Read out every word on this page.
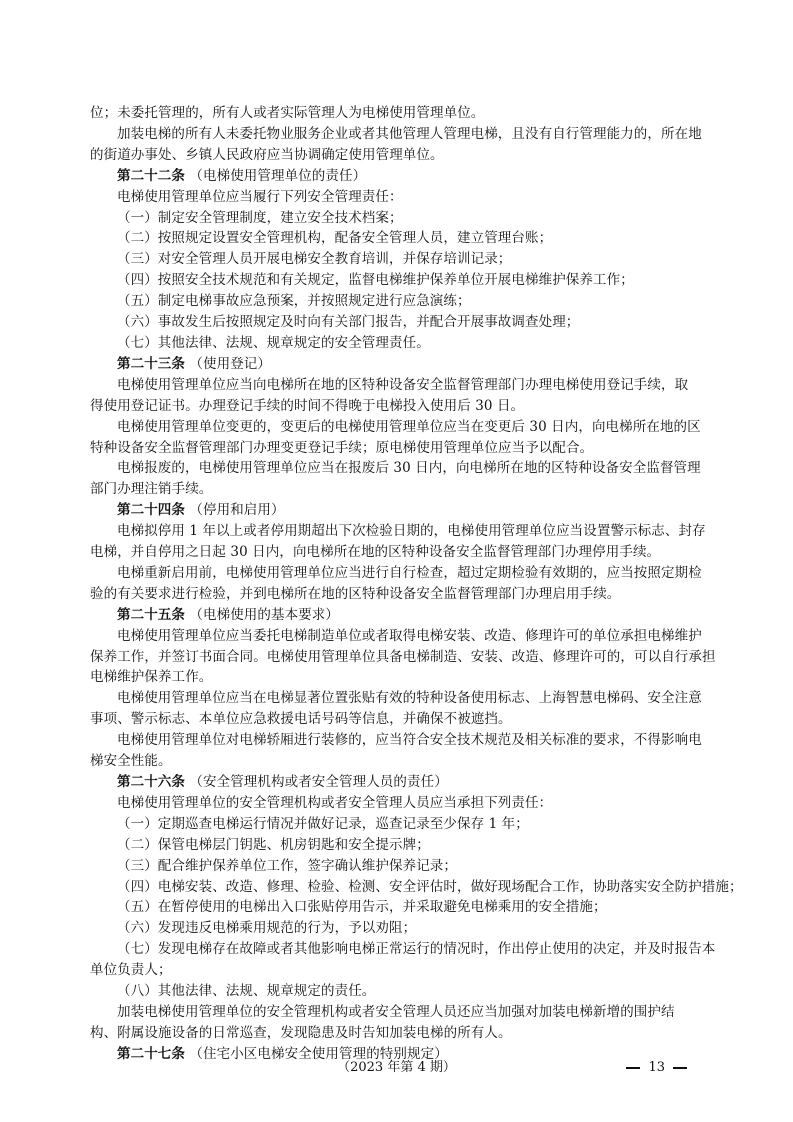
位；未委托管理的，所有人或者实际管理人为电梯使用管理单位。
加装电梯的所有人未委托物业服务企业或者其他管理人管理电梯，且没有自行管理能力的，所在地
的街道办事处、乡镇人民政府应当协调确定使用管理单位。
第二十二条 （电梯使用管理单位的责任）
电梯使用管理单位应当履行下列安全管理责任：
（一）制定安全管理制度，建立安全技术档案；
（二）按照规定设置安全管理机构，配备安全管理人员，建立管理台账；
（三）对安全管理人员开展电梯安全教育培训，并保存培训记录；
（四）按照安全技术规范和有关规定，监督电梯维护保养单位开展电梯维护保养工作；
（五）制定电梯事故应急预案，并按照规定进行应急演练；
（六）事故发生后按照规定及时向有关部门报告，并配合开展事故调查处理；
（七）其他法律、法规、规章规定的安全管理责任。
第二十三条 （使用登记）
电梯使用管理单位应当向电梯所在地的区特种设备安全监督管理部门办理电梯使用登记手续，取
得使用登记证书。办理登记手续的时间不得晚于电梯投入使用后 30 日。
电梯使用管理单位变更的，变更后的电梯使用管理单位应当在变更后 30 日内，向电梯所在地的区
特种设备安全监督管理部门办理变更登记手续；原电梯使用管理单位应当予以配合。
电梯报废的，电梯使用管理单位应当在报废后 30 日内，向电梯所在地的区特种设备安全监督管理
部门办理注销手续。
第二十四条 （停用和启用）
电梯拟停用 1 年以上或者停用期超出下次检验日期的，电梯使用管理单位应当设置警示标志、封存
电梯，并自停用之日起 30 日内，向电梯所在地的区特种设备安全监督管理部门办理停用手续。
电梯重新启用前，电梯使用管理单位应当进行自行检查，超过定期检验有效期的，应当按照定期检
验的有关要求进行检验，并到电梯所在地的区特种设备安全监督管理部门办理启用手续。
第二十五条 （电梯使用的基本要求）
电梯使用管理单位应当委托电梯制造单位或者取得电梯安装、改造、修理许可的单位承担电梯维护
保养工作，并签订书面合同。电梯使用管理单位具备电梯制造、安装、改造、修理许可的，可以自行承担
电梯维护保养工作。
电梯使用管理单位应当在电梯显著位置张贴有效的特种设备使用标志、上海智慧电梯码、安全注意
事项、警示标志、本单位应急救援电话号码等信息，并确保不被遮挡。
电梯使用管理单位对电梯轿厢进行装修的，应当符合安全技术规范及相关标准的要求，不得影响电
梯安全性能。
第二十六条 （安全管理机构或者安全管理人员的责任）
电梯使用管理单位的安全管理机构或者安全管理人员应当承担下列责任：
（一）定期巡查电梯运行情况并做好记录，巡查记录至少保存 1 年；
（二）保管电梯层门钥匙、机房钥匙和安全提示牌；
（三）配合维护保养单位工作，签字确认维护保养记录；
（四）电梯安装、改造、修理、检验、检测、安全评估时，做好现场配合工作，协助落实安全防护措施；
（五）在暂停使用的电梯出入口张贴停用告示，并采取避免电梯乘用的安全措施；
（六）发现违反电梯乘用规范的行为，予以劝阻；
（七）发现电梯存在故障或者其他影响电梯正常运行的情况时，作出停止使用的决定，并及时报告本
单位负责人；
（八）其他法律、法规、规章规定的责任。
加装电梯使用管理单位的安全管理机构或者安全管理人员还应当加强对加装电梯新增的围护结
构、附属设施设备的日常巡查，发现隐患及时告知加装电梯的所有人。
第二十七条 （住宅小区电梯安全使用管理的特别规定）
（2023 年第 4 期）	13
